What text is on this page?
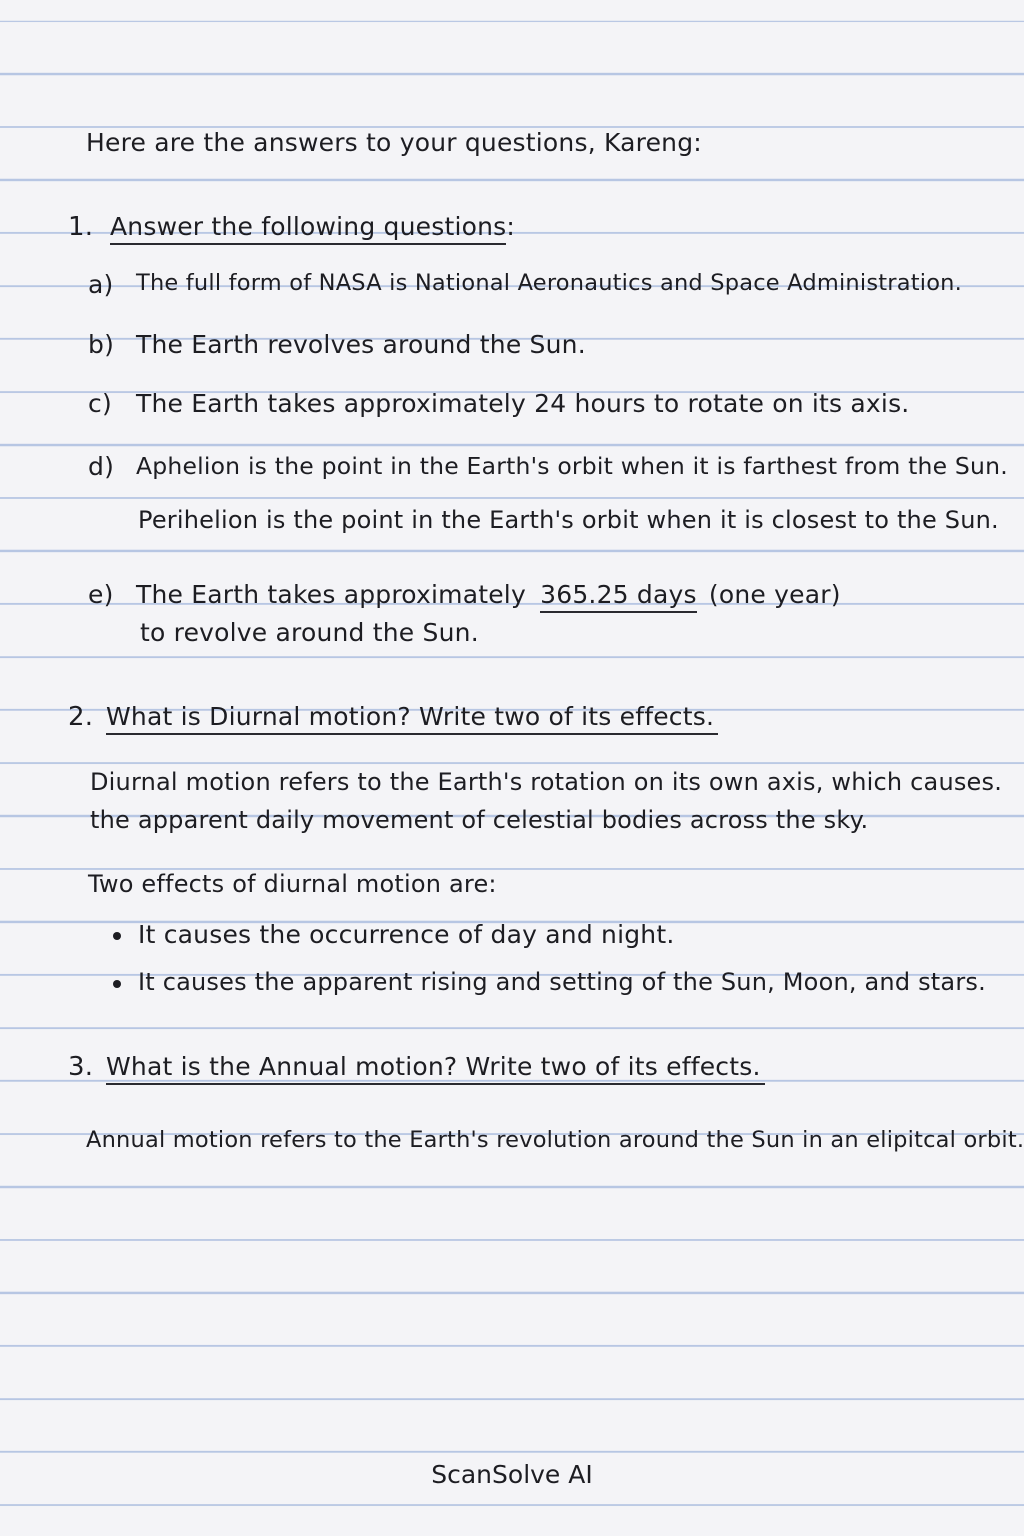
Here are the answers to your questions, Kareng:
1. Answer the following questions:
a) The full form of NASA is National Aeronautics and Space Administration.
b) The Earth revolves around the Sun.
c) The Earth takes approximately 24 hours to rotate on its axis.
d) Aphelion is the point in the Earth's orbit when it is farthest from the Sun.
Perihelion is the point in the Earth's orbit when it is closest to the Sun.
e) The Earth takes approximately 365.25 days (one year)
to revolve around the Sun.
2. What is Diurnal motion? Write two of its effects.
Diurnal motion refers to the Earth's rotation on its own axis, which causes.
the apparent daily movement of celestial bodies across the sky.
Two effects of diurnal motion are:
It causes the occurrence of day and night.
It causes the apparent rising and setting of the Sun, Moon, and stars.
3. What is the Annual motion? Write two of its effects.
Annual motion refers to the Earth's revolution around the Sun in an elipitcal orbit.
ScanSolve AI
